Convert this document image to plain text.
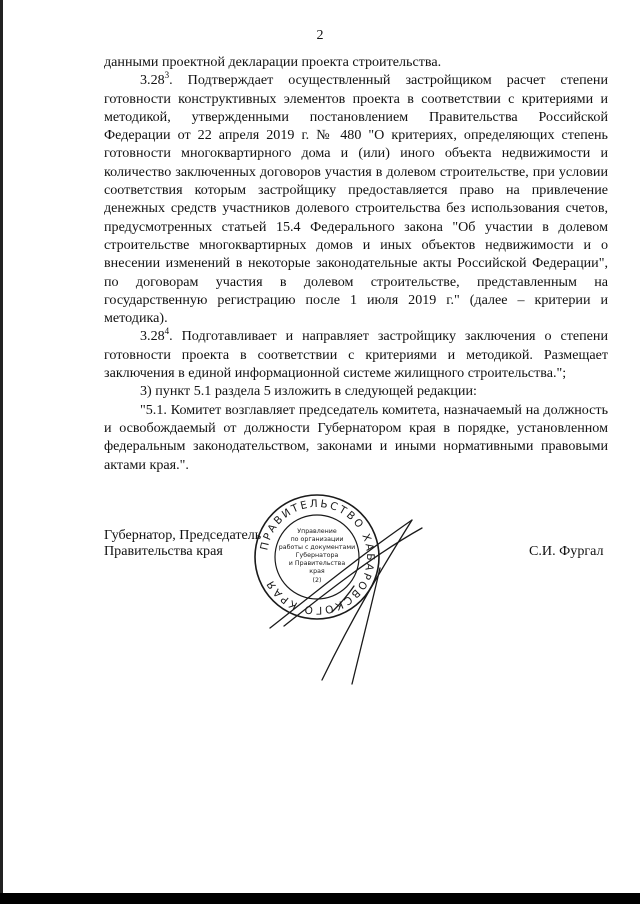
2

данными проектной декларации проекта строительства.

3.28$^3$. Подтверждает осуществленный застройщиком расчет степени готовности конструктивных элементов проекта в соответствии с критериями и методикой, утвержденными постановлением Правительства Российской Федерации от 22 апреля 2019 г. № 480 "О критериях, определяющих степень готовности многоквартирного дома и (или) иного объекта недвижимости и количество заключенных договоров участия в долевом строительстве, при условии соответствия которым застройщику предоставляется право на привлечение денежных средств участников долевого строительства без использования счетов, предусмотренных статьей 15.4 Федерального закона "Об участии в долевом строительстве многоквартирных домов и иных объектов недвижимости и о внесении изменений в некоторые законодательные акты Российской Федерации", по договорам участия в долевом строительстве, представленным на государственную регистрацию после 1 июля 2019 г." (далее – критерии и методика).

3.28$^4$. Подготавливает и направляет застройщику заключения о степени готовности проекта в соответствии с критериями и методикой. Размещает заключения в единой информационной системе жилищного строительства.";

3) пункт 5.1 раздела 5 изложить в следующей редакции:

"5.1. Комитет возглавляет председатель комитета, назначаемый на должность и освобождаемый от должности Губернатором края в порядке, установленном федеральным законодательством, законами и иными нормативными правовыми актами края.".

Губернатор, Председатель
Правительства края	С.И. Фургал
ПРАВИТЕЛЬСТВО ХАБАРОВСКОГО КРАЯ
Управление
по организации
работы с документами
Губернатора
и Правительства
края
(2)
